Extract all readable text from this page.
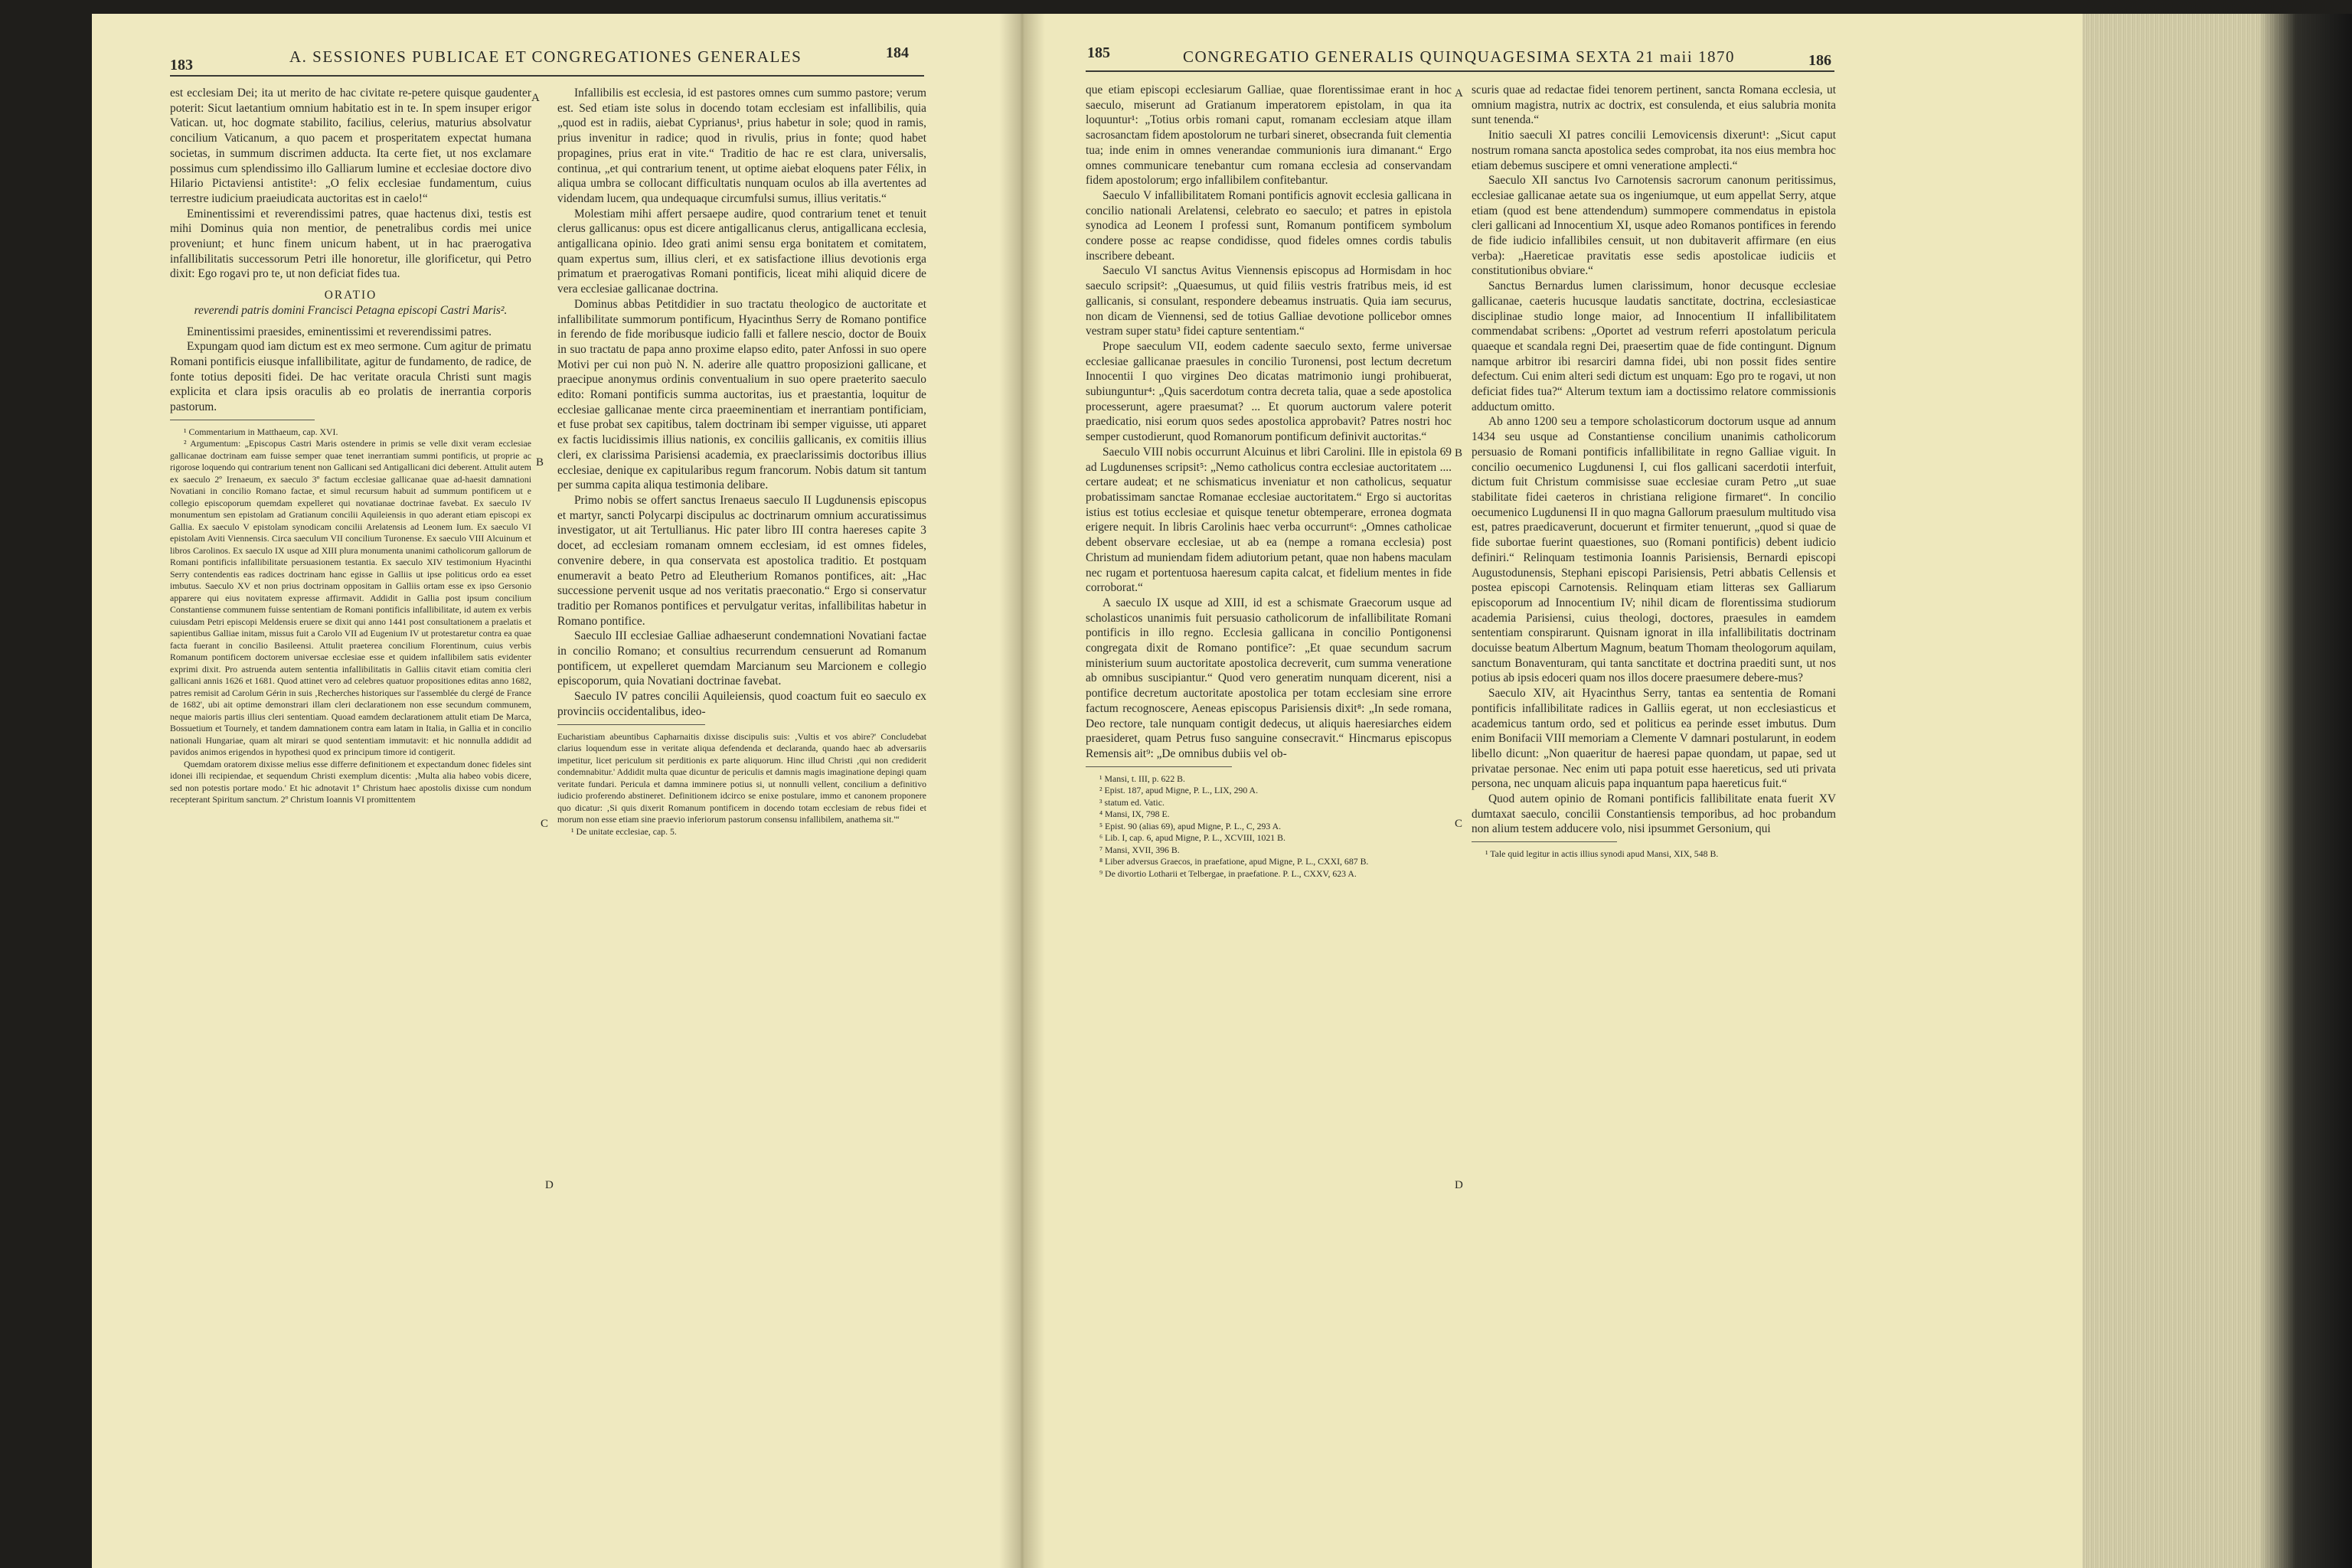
A. SESSIONES PUBLICAE ET CONGREGATIONES GENERALES
183
184

est ecclesiam Dei; ita ut merito de hac civitate re-petere quisque gaudenter poterit: Sicut laetantium omnium habitatio est in te. In spem insuper erigor Vatican. ut, hoc dogmate stabilito, facilius, celerius, maturius absolvatur concilium Vaticanum, a quo pacem et prosperitatem expectat humana societas, in summum discrimen adducta. Ita certe fiet, ut nos exclamare possimus cum splendissimo illo Galliarum lumine et ecclesiae doctore divo Hilario Pictaviensi antistite¹: „O felix ecclesiae fundamentum, cuius terrestre iudicium praeiudicata auctoritas est in caelo!“

Eminentissimi et reverendissimi patres, quae hactenus dixi, testis est mihi Dominus quia non mentior, de penetralibus cordis mei unice proveniunt; et hunc finem unicum habent, ut in hac praerogativa infallibilitatis successorum Petri ille honoretur, ille glorificetur, qui Petro dixit: Ego rogavi pro te, ut non deficiat fides tua.

ORATIO

reverendi patris domini Francisci Petagna episcopi Castri Maris².

Eminentissimi praesides, eminentissimi et reverendissimi patres.

Expungam quod iam dictum est ex meo sermone. Cum agitur de primatu Romani pontificis eiusque infallibilitate, agitur de fundamento, de radice, de fonte totius depositi fidei. De hac veritate oracula Christi sunt magis explicita et clara ipsis oraculis ab eo prolatis de inerrantia corporis pastorum.

¹ Commentarium in Matthaeum, cap. XVI.

² Argumentum: „Episcopus Castri Maris ostendere in primis se velle dixit veram ecclesiae gallicanae doctrinam eam fuisse semper quae tenet inerrantiam summi pontificis, ut proprie ac rigorose loquendo qui contrarium tenent non Gallicani sed Antigallicani dici deberent. Attulit autem ex saeculo 2º Irenaeum, ex saeculo 3º factum ecclesiae gallicanae quae ad-haesit damnationi Novatiani in concilio Romano factae, et simul recursum habuit ad summum pontificem ut e collegio episcoporum quemdam expelleret qui novatianae doctrinae favebat. Ex saeculo IV monumentum sen epistolam ad Gratianum concilii Aquileiensis in quo aderant etiam episcopi ex Gallia. Ex saeculo V epistolam synodicam concilii Arelatensis ad Leonem Ium. Ex saeculo VI epistolam Aviti Viennensis. Circa saeculum VII concilium Turonense. Ex saeculo VIII Alcuinum et libros Carolinos. Ex saeculo IX usque ad XIII plura monumenta unanimi catholicorum gallorum de Romani pontificis infallibilitate persuasionem testantia. Ex saeculo XIV testimonium Hyacinthi Serry contendentis eas radices doctrinam hanc egisse in Galliis ut ipse politicus ordo ea esset imbutus. Saeculo XV et non prius doctrinam oppositam in Galliis ortam esse ex ipso Gersonio apparere qui eius novitatem expresse affirmavit. Addidit in Gallia post ipsum concilium Constantiense communem fuisse sententiam de Romani pontificis infallibilitate, id autem ex verbis cuiusdam Petri episcopi Meldensis eruere se dixit qui anno 1441 post consultationem a praelatis et sapientibus Galliae initam, missus fuit a Carolo VII ad Eugenium IV ut protestaretur contra ea quae facta fuerant in concilio Basileensi. Attulit praeterea concilium Florentinum, cuius verbis Romanum pontificem doctorem universae ecclesiae esse et quidem infallibilem satis evidenter exprimi dixit. Pro astruenda autem sententia infallibilitatis in Galliis citavit etiam comitia cleri gallicani annis 1626 et 1681. Quod attinet vero ad celebres quatuor propositiones editas anno 1682, patres remisit ad Carolum Gérin in suis ‚Recherches historiques sur l'assemblée du clergé de France de 1682', ubi ait optime demonstrari illam cleri declarationem non esse secundum communem, neque maioris partis illius cleri sententiam. Quoad eamdem declarationem attulit etiam De Marca, Bossuetium et Tournely, et tandem damnationem contra eam latam in Italia, in Gallia et in concilio nationali Hungariae, quam alt mirari se quod sententiam immutavit: et hic nonnulla addidit ad pavidos animos erigendos in hypothesi quod ex principum timore id contigerit.

Quemdam oratorem dixisse melius esse differre definitionem et expectandum donec fideles sint idonei illi recipiendae, et sequendum Christi exemplum dicentis: ‚Multa alia habeo vobis dicere, sed non potestis portare modo.' Et hic adnotavit 1º Christum haec apostolis dixisse cum nondum recepterant Spiritum sanctum. 2º Christum Ioannis VI promittentem

A
B
C
D

Infallibilis est ecclesia, id est pastores omnes cum summo pastore; verum est. Sed etiam iste solus in docendo totam ecclesiam est infallibilis, quia „quod est in radiis, aiebat Cyprianus¹, prius habetur in sole; quod in ramis, prius invenitur in radice; quod in rivulis, prius in fonte; quod habet propagines, prius erat in vite.“ Traditio de hac re est clara, universalis, continua, „et qui contrarium tenent, ut optime aiebat eloquens pater Félix, in aliqua umbra se collocant difficultatis nunquam oculos ab illa avertentes ad videndam lucem, qua undequaque circumfulsi sumus, illius veritatis.“

Molestiam mihi affert persaepe audire, quod contrarium tenet et tenuit clerus gallicanus: opus est dicere antigallicanus clerus, antigallicana ecclesia, antigallicana opinio. Ideo grati animi sensu erga bonitatem et comitatem, quam expertus sum, illius cleri, et ex satisfactione illius devotionis erga primatum et praerogativas Romani pontificis, liceat mihi aliquid dicere de vera ecclesiae gallicanae doctrina.

Dominus abbas Petitdidier in suo tractatu theologico de auctoritate et infallibilitate summorum pontificum, Hyacinthus Serry de Romano pontifice in ferendo de fide moribusque iudicio falli et fallere nescio, doctor de Bouix in suo tractatu de papa anno proxime elapso edito, pater Anfossi in suo opere Motivi per cui non può N. N. aderire alle quattro proposizioni gallicane, et praecipue anonymus ordinis conventualium in suo opere praeterito saeculo edito: Romani pontificis summa auctoritas, ius et praestantia, loquitur de ecclesiae gallicanae mente circa praeeminentiam et inerrantiam pontificiam, et fuse probat sex capitibus, talem doctrinam ibi semper viguisse, uti apparet ex factis lucidissimis illius nationis, ex conciliis gallicanis, ex comitiis illius cleri, ex clarissima Parisiensi academia, ex praeclarissimis doctoribus illius ecclesiae, denique ex capitularibus regum francorum. Nobis datum sit tantum per summa capita aliqua testimonia delibare.

Primo nobis se offert sanctus Irenaeus saeculo II Lugdunensis episcopus et martyr, sancti Polycarpi discipulus ac doctrinarum omnium accuratissimus investigator, ut ait Tertullianus. Hic pater libro III contra haereses capite 3 docet, ad ecclesiam romanam omnem ecclesiam, id est omnes fideles, convenire debere, in qua conservata est apostolica traditio. Et postquam enumeravit a beato Petro ad Eleutherium Romanos pontifices, ait: „Hac successione pervenit usque ad nos veritatis praeconatio.“ Ergo si conservatur traditio per Romanos pontifices et pervulgatur veritas, infallibilitas habetur in Romano pontifice.

Saeculo III ecclesiae Galliae adhaeserunt condemnationi Novatiani factae in concilio Romano; et consultius recurrendum censuerunt ad Romanum pontificem, ut expelleret quemdam Marcianum seu Marcionem e collegio episcoporum, quia Novatiani doctrinae favebat.

Saeculo IV patres concilii Aquileiensis, quod coactum fuit eo saeculo ex provinciis occidentalibus, ideo-

Eucharistiam abeuntibus Capharnaitis dixisse discipulis suis: ‚Vultis et vos abire?' Concludebat clarius loquendum esse in veritate aliqua defendenda et declaranda, quando haec ab adversariis impetitur, licet periculum sit perditionis ex parte aliquorum. Hinc illud Christi ‚qui non crediderit condemnabitur.' Addidit multa quae dicuntur de periculis et damnis magis imaginatione depingi quam veritate fundari. Pericula et damna imminere potius si, ut nonnulli vellent, concilium a definitivo iudicio proferendo abstineret. Definitionem idcirco se enixe postulare, immo et canonem proponere quo dicatur: ‚Si quis dixerit Romanum pontificem in docendo totam ecclesiam de rebus fidei et morum non esse etiam sine praevio inferiorum pastorum consensu infallibilem, anathema sit.'“

¹ De unitate ecclesiae, cap. 5.

CONGREGATIO GENERALIS QUINQUAGESIMA SEXTA 21 maii 1870
185	186

que etiam episcopi ecclesiarum Galliae, quae florentissimae erant in hoc saeculo, miserunt ad Gratianum imperatorem epistolam, in qua ita loquuntur¹: „Totius orbis romani caput, romanam ecclesiam atque illam sacrosanctam fidem apostolorum ne turbari sineret, obsecranda fuit clementia tua; inde enim in omnes venerandae communionis iura dimanant.“ Ergo omnes communicare tenebantur cum romana ecclesia ad conservandam fidem apostolorum; ergo infallibilem confitebantur.

Saeculo V infallibilitatem Romani pontificis agnovit ecclesia gallicana in concilio nationali Arelatensi, celebrato eo saeculo; et patres in epistola synodica ad Leonem I professi sunt, Romanum pontificem symbolum condere posse ac reapse condidisse, quod fideles omnes cordis tabulis inscribere debeant.

Saeculo VI sanctus Avitus Viennensis episcopus ad Hormisdam in hoc saeculo scripsit²: „Quaesumus, ut quid filiis vestris fratribus meis, id est gallicanis, si consulant, respondere debeamus instruatis. Quia iam securus, non dicam de Viennensi, sed de totius Galliae devotione pollicebor omnes vestram super statu³ fidei capture sententiam.“

Prope saeculum VII, eodem cadente saeculo sexto, ferme universae ecclesiae gallicanae praesules in concilio Turonensi, post lectum decretum Innocentii I quo virgines Deo dicatas matrimonio iungi prohibuerat, subiunguntur⁴: „Quis sacerdotum contra decreta talia, quae a sede apostolica processerunt, agere praesumat? ... Et quorum auctorum valere poterit praedicatio, nisi eorum quos sedes apostolica approbavit? Patres nostri hoc semper custodierunt, quod Romanorum pontificum definivit auctoritas.“

Saeculo VIII nobis occurrunt Alcuinus et libri Carolini. Ille in epistola 69 ad Lugdunenses scripsit⁵: „Nemo catholicus contra ecclesiae auctoritatem .... certare audeat; et ne schismaticus inveniatur et non catholicus, sequatur probatissimam sanctae Romanae ecclesiae auctoritatem.“ Ergo si auctoritas istius est totius ecclesiae et quisque tenetur obtemperare, erronea dogmata erigere nequit. In libris Carolinis haec verba occurrunt⁶: „Omnes catholicae debent observare ecclesiae, ut ab ea (nempe a romana ecclesia) post Christum ad muniendam fidem adiutorium petant, quae non habens maculam nec rugam et portentuosa haeresum capita calcat, et fidelium mentes in fide corroborat.“

A saeculo IX usque ad XIII, id est a schismate Graecorum usque ad scholasticos unanimis fuit persuasio catholicorum de infallibilitate Romani pontificis in illo regno. Ecclesia gallicana in concilio Pontigonensi congregata dixit de Romano pontifice⁷: „Et quae secundum sacrum ministerium suum auctoritate apostolica decreverit, cum summa veneratione ab omnibus suscipiantur.“ Quod vero generatim nunquam dicerent, nisi a pontifice decretum auctoritate apostolica per totam ecclesiam sine errore factum recognoscere, Aeneas episcopus Parisiensis dixit⁸: „In sede romana, Deo rectore, tale nunquam contigit dedecus, ut aliquis haeresiarches eidem praesideret, quam Petrus fuso sanguine consecravit.“ Hincmarus episcopus Remensis ait⁹: „De omnibus dubiis vel ob-

¹ Mansi, t. III, p. 622 B.

² Epist. 187, apud Migne, P. L., LIX, 290 A.

³ statum ed. Vatic.

⁴ Mansi, IX, 798 E.

⁵ Epist. 90 (alias 69), apud Migne, P. L., C, 293 A.

⁶ Lib. I, cap. 6, apud Migne, P. L., XCVIII, 1021 B.

⁷ Mansi, XVII, 396 B.

⁸ Liber adversus Graecos, in praefatione, apud Migne, P. L., CXXI, 687 B.

⁹ De divortio Lotharii et Telbergae, in praefatione. P. L., CXXV, 623 A.

A
B
C
D

scuris quae ad redactae fidei tenorem pertinent, sancta Romana ecclesia, ut omnium magistra, nutrix ac doctrix, est consulenda, et eius salubria monita sunt tenenda.“

Initio saeculi XI patres concilii Lemovicensis dixerunt¹: „Sicut caput nostrum romana sancta apostolica sedes comprobat, ita nos eius membra hoc etiam debemus suscipere et omni veneratione amplecti.“

Saeculo XII sanctus Ivo Carnotensis sacrorum canonum peritissimus, ecclesiae gallicanae aetate sua os ingeniumque, ut eum appellat Serry, atque etiam (quod est bene attendendum) summopere commendatus in epistola cleri gallicani ad Innocentium XI, usque adeo Romanos pontifices in ferendo de fide iudicio infallibiles censuit, ut non dubitaverit affirmare (en eius verba): „Haereticae pravitatis esse sedis apostolicae iudiciis et constitutionibus obviare.“

Sanctus Bernardus lumen clarissimum, honor decusque ecclesiae gallicanae, caeteris hucusque laudatis sanctitate, doctrina, ecclesiasticae disciplinae studio longe maior, ad Innocentium II infallibilitatem commendabat scribens: „Oportet ad vestrum referri apostolatum pericula quaeque et scandala regni Dei, praesertim quae de fide contingunt. Dignum namque arbitror ibi resarciri damna fidei, ubi non possit fides sentire defectum. Cui enim alteri sedi dictum est unquam: Ego pro te rogavi, ut non deficiat fides tua?“ Alterum textum iam a doctissimo relatore commissionis adductum omitto.

Ab anno 1200 seu a tempore scholasticorum doctorum usque ad annum 1434 seu usque ad Constantiense concilium unanimis catholicorum persuasio de Romani pontificis infallibilitate in regno Galliae viguit. In concilio oecumenico Lugdunensi I, cui flos gallicani sacerdotii interfuit, dictum fuit Christum commisisse suae ecclesiae curam Petro „ut suae stabilitate fidei caeteros in christiana religione firmaret“. In concilio oecumenico Lugdunensi II in quo magna Gallorum praesulum multitudo visa est, patres praedicaverunt, docuerunt et firmiter tenuerunt, „quod si quae de fide subortae fuerint quaestiones, suo (Romani pontificis) debent iudicio definiri.“ Relinquam testimonia Ioannis Parisiensis, Bernardi episcopi Augustodunensis, Stephani episcopi Parisiensis, Petri abbatis Cellensis et postea episcopi Carnotensis. Relinquam etiam litteras sex Galliarum episcoporum ad Innocentium IV; nihil dicam de florentissima studiorum academia Parisiensi, cuius theologi, doctores, praesules in eamdem sententiam conspirarunt. Quisnam ignorat in illa infallibilitatis doctrinam docuisse beatum Albertum Magnum, beatum Thomam theologorum aquilam, sanctum Bonaventuram, qui tanta sanctitate et doctrina praediti sunt, ut nos potius ab ipsis edoceri quam nos illos docere praesumere debere-mus?

Saeculo XIV, ait Hyacinthus Serry, tantas ea sententia de Romani pontificis infallibilitate radices in Galliis egerat, ut non ecclesiasticus et academicus tantum ordo, sed et politicus ea perinde esset imbutus. Dum enim Bonifacii VIII memoriam a Clemente V damnari postularunt, in eodem libello dicunt: „Non quaeritur de haeresi papae quondam, ut papae, sed ut privatae personae. Nec enim uti papa potuit esse haereticus, sed uti privata persona, nec unquam alicuis papa inquantum papa haereticus fuit.“

Quod autem opinio de Romani pontificis fallibilitate enata fuerit XV dumtaxat saeculo, concilii Constantiensis temporibus, ad hoc probandum non alium testem adducere volo, nisi ipsummet Gersonium, qui

¹ Tale quid legitur in actis illius synodi apud Mansi, XIX, 548 B.
